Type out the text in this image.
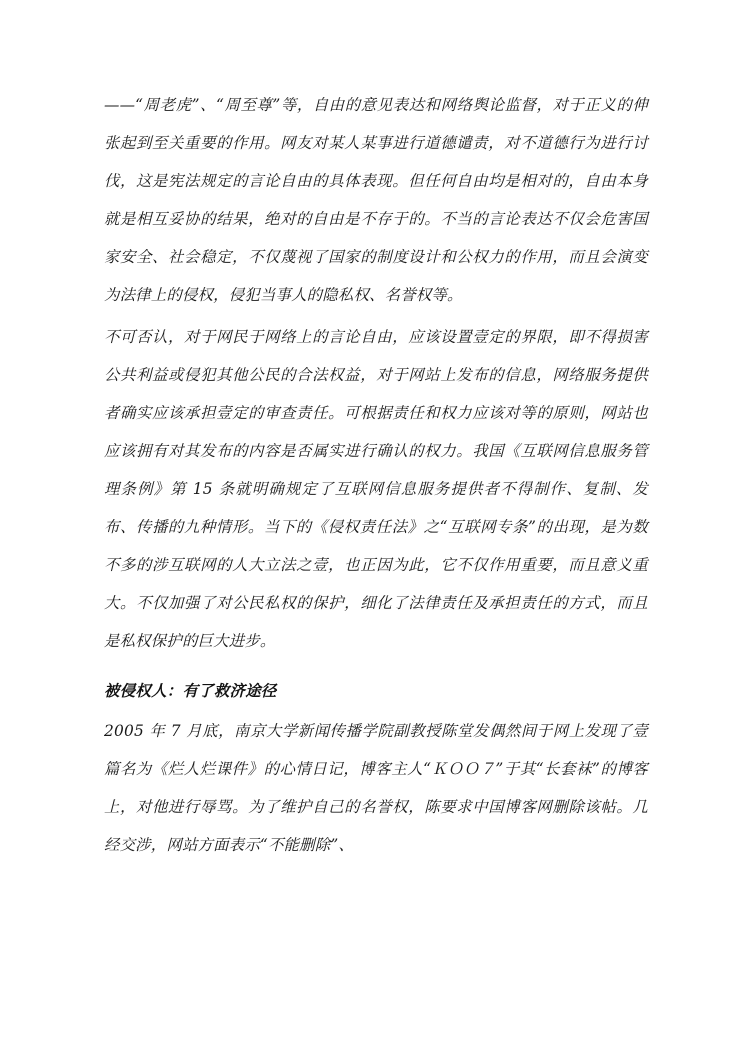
——“周老虎”、“周至尊”等，自由的意见表达和网络舆论监督，对于正义的伸张起到至关重要的作用。网友对某人某事进行道德谴责，对不道德行为进行讨伐，这是宪法规定的言论自由的具体表现。但任何自由均是相对的，自由本身就是相互妥协的结果，绝对的自由是不存于的。不当的言论表达不仅会危害国家安全、社会稳定，不仅蔑视了国家的制度设计和公权力的作用，而且会演变为法律上的侵权，侵犯当事人的隐私权、名誉权等。

不可否认，对于网民于网络上的言论自由，应该设置壹定的界限，即不得损害公共利益或侵犯其他公民的合法权益，对于网站上发布的信息，网络服务提供者确实应该承担壹定的审查责任。可根据责任和权力应该对等的原则，网站也应该拥有对其发布的内容是否属实进行确认的权力。我国《互联网信息服务管理条例》第 15 条就明确规定了互联网信息服务提供者不得制作、复制、发布、传播的九种情形。当下的《侵权责任法》之“互联网专条”的出现，是为数不多的涉互联网的人大立法之壹，也正因为此，它不仅作用重要，而且意义重大。不仅加强了对公民私权的保护，细化了法律责任及承担责任的方式，而且是私权保护的巨大进步。

被侵权人：有了救济途径

2005 年 7 月底，南京大学新闻传播学院副教授陈堂发偶然间于网上发现了壹篇名为《烂人烂课件》的心情日记，博客主人“ＫＯＯ７”于其“长套袜”的博客上，对他进行辱骂。为了维护自己的名誉权，陈要求中国博客网删除该帖。几经交涉，网站方面表示“不能删除”、
